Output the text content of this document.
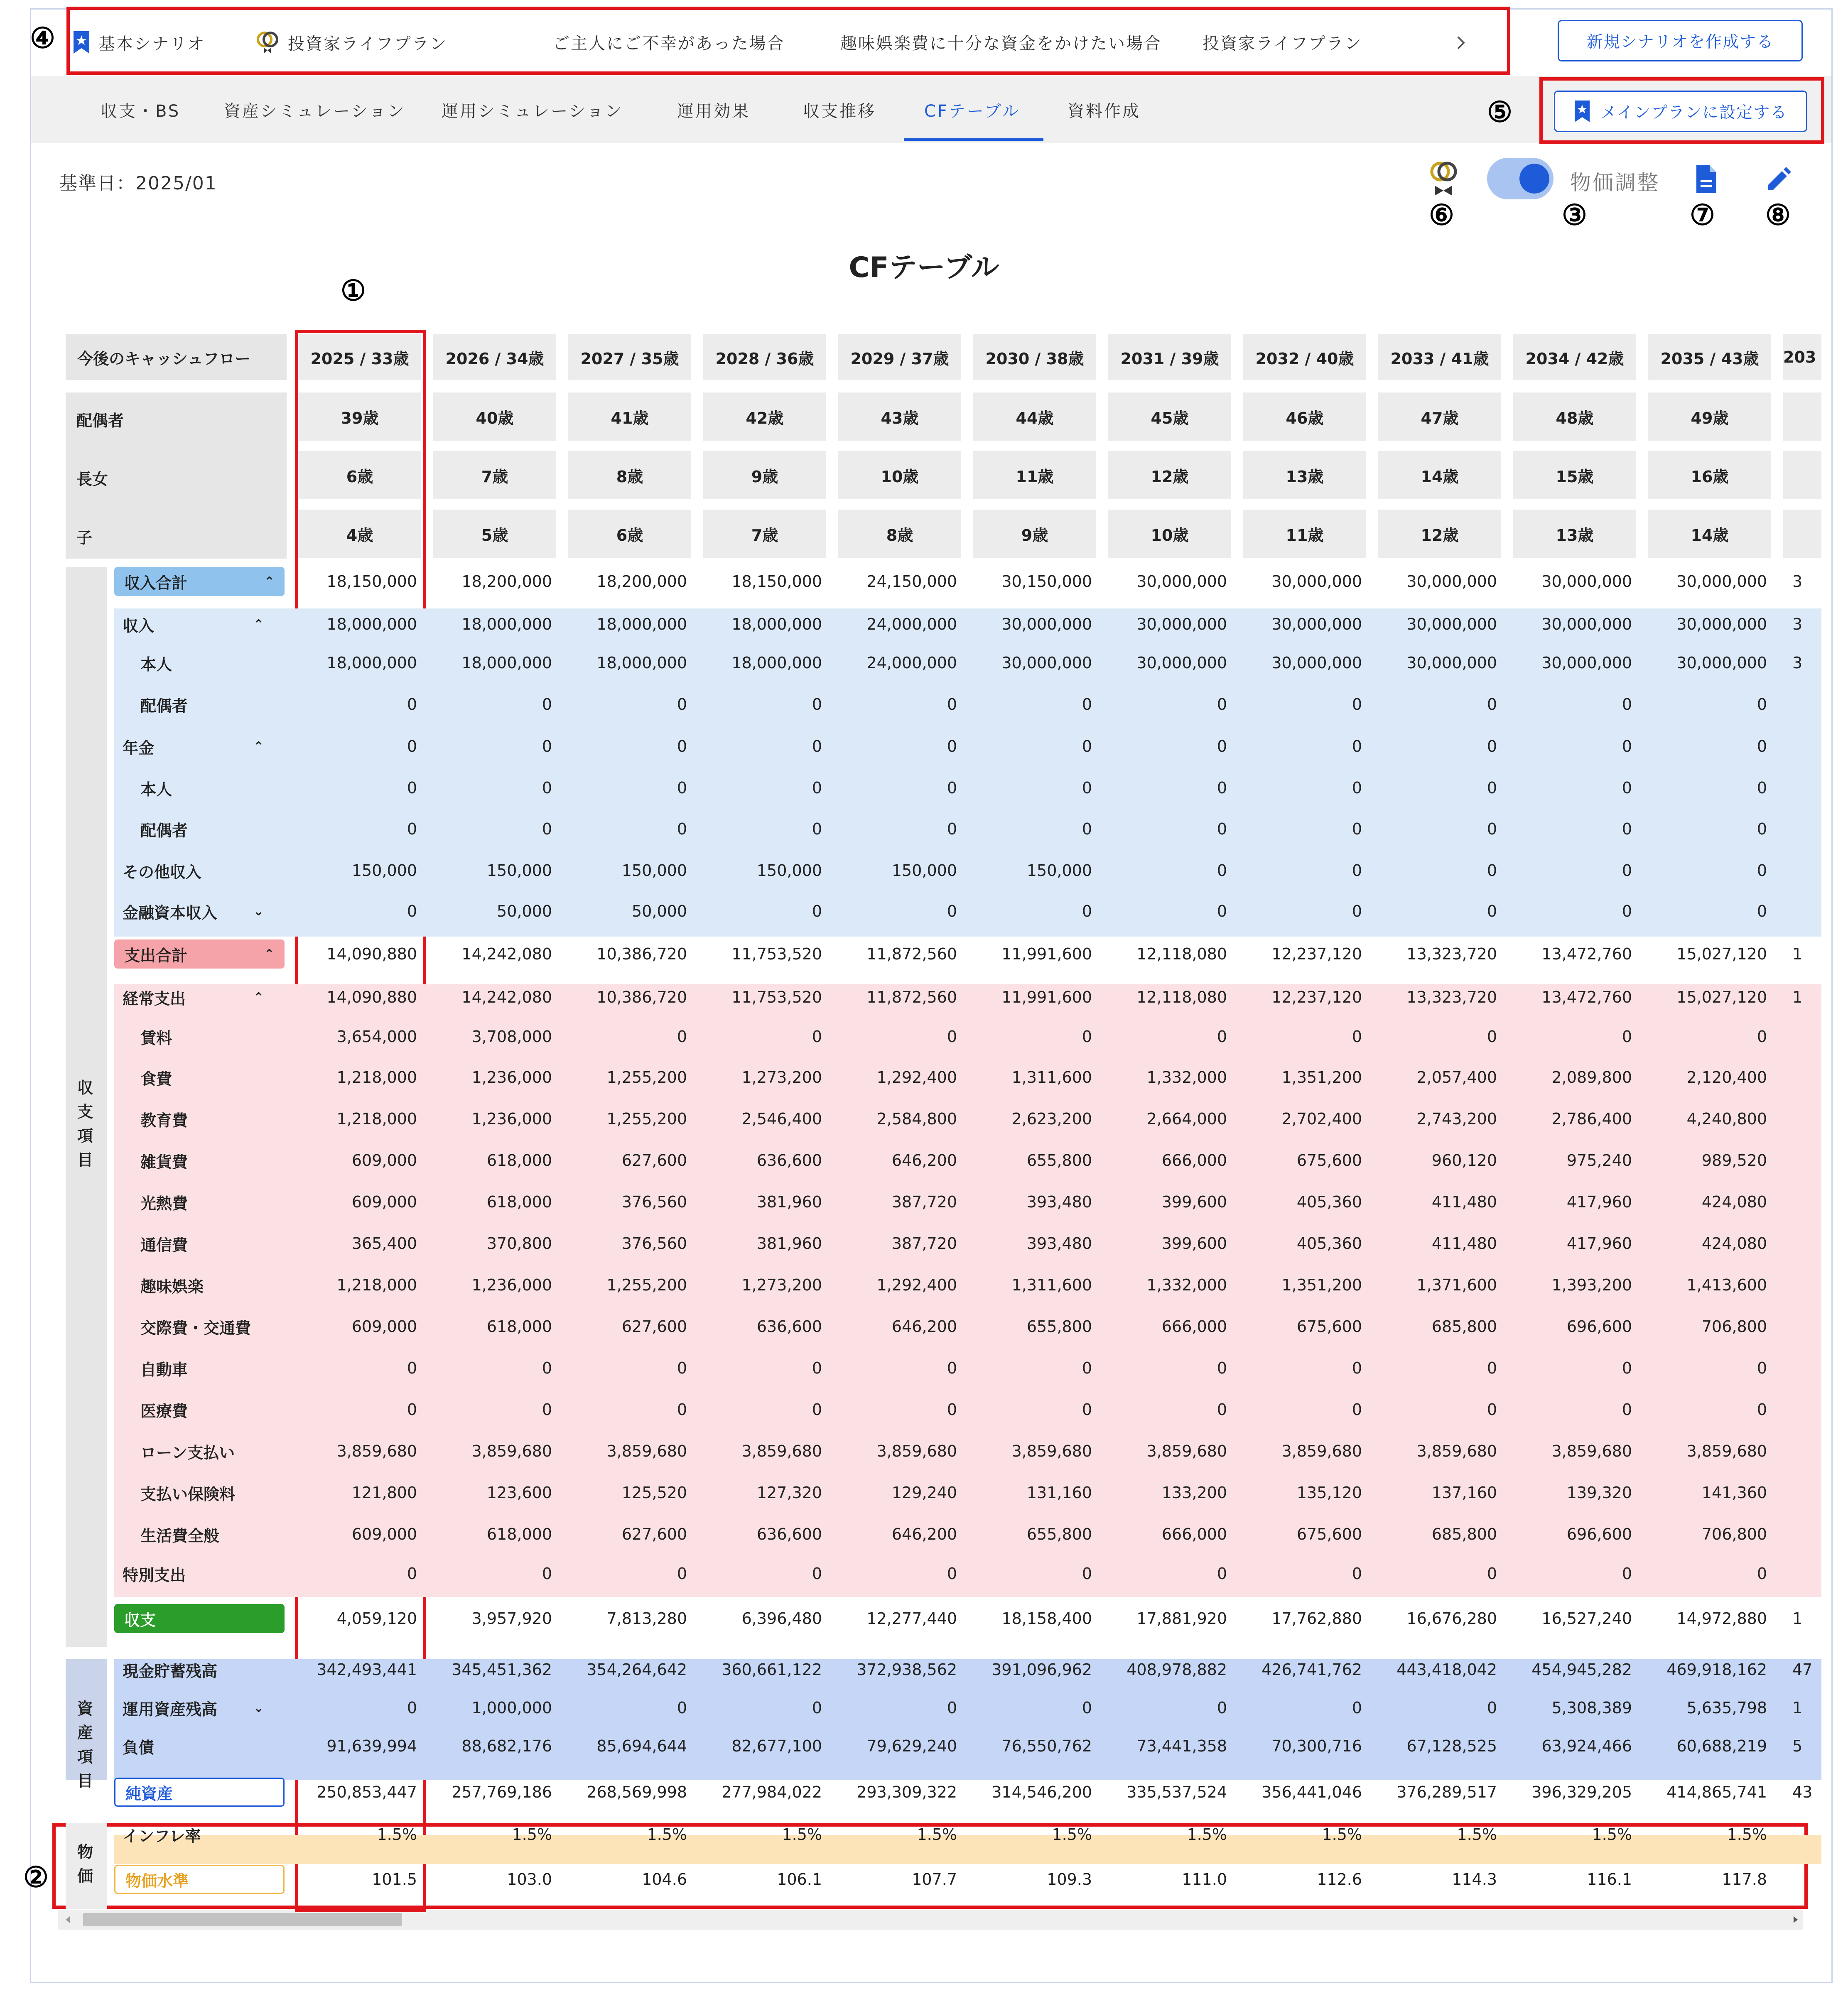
基本シナリオ	投資家ライフプラン	ご主人にご不幸があった場合	趣味娯楽費に十分な資金をかけたい場合 投資家ライフプラン	新規シナリオを作成する
収支・BS	資産シミュレーション 運用シミュレーション	運用効果	収支推移	CFテーブル	資料作成	メインプランに設定する
基準日：2025/01	物価調整
CFテーブル
④
⑤
⑥	③	⑦ ⑧
①
②
今後のキャッシュフロー	2025 / 33歳	2026 / 34歳	2027 / 35歳	2028 / 36歳	2029 / 37歳	2030 / 38歳	2031 / 39歳	2032 / 40歳	2033 / 41歳	2034 / 42歳	2035 / 43歳	203
配偶者	39歳	40歳	41歳	42歳	43歳	44歳	45歳	46歳	47歳	48歳	49歳
長女	6歳	7歳	8歳	9歳	10歳	11歳	12歳	13歳	14歳	15歳	16歳
子	4歳	5歳	6歳	7歳	8歳	9歳	10歳	11歳	12歳	13歳	14歳
収
支
項
目
資
産
項
目
物
価
収入合計	⌃	18,150,000	18,200,000	18,200,000	18,150,000	24,150,000	30,150,000	30,000,000	30,000,000	30,000,000	30,000,000	30,000,000	3
収入	⌃	18,000,000	18,000,000	18,000,000	18,000,000	24,000,000	30,000,000	30,000,000	30,000,000	30,000,000	30,000,000	30,000,000	3
本人	18,000,000	18,000,000	18,000,000	18,000,000	24,000,000	30,000,000	30,000,000	30,000,000	30,000,000	30,000,000	30,000,000	3
配偶者	0	0	0	0	0	0	0	0	0	0	0
年金	⌃	0	0	0	0	0	0	0	0	0	0	0
本人	0	0	0	0	0	0	0	0	0	0	0
配偶者	0	0	0	0	0	0	0	0	0	0	0
その他収入	150,000	150,000	150,000	150,000	150,000	150,000	0	0	0	0	0
金融資本収入	⌄	0	50,000	50,000	0	0	0	0	0	0	0	0
支出合計	⌃	14,090,880	14,242,080	10,386,720	11,753,520	11,872,560	11,991,600	12,118,080	12,237,120	13,323,720	13,472,760	15,027,120	1
経常支出	⌃	14,090,880	14,242,080	10,386,720	11,753,520	11,872,560	11,991,600	12,118,080	12,237,120	13,323,720	13,472,760	15,027,120	1
賃料	3,654,000	3,708,000	0	0	0	0	0	0	0	0	0
食費	1,218,000	1,236,000	1,255,200	1,273,200	1,292,400	1,311,600	1,332,000	1,351,200	2,057,400	2,089,800	2,120,400
教育費	1,218,000	1,236,000	1,255,200	2,546,400	2,584,800	2,623,200	2,664,000	2,702,400	2,743,200	2,786,400	4,240,800
雑貨費	609,000	618,000	627,600	636,600	646,200	655,800	666,000	675,600	960,120	975,240	989,520
光熱費	609,000	618,000	376,560	381,960	387,720	393,480	399,600	405,360	411,480	417,960	424,080
通信費	365,400	370,800	376,560	381,960	387,720	393,480	399,600	405,360	411,480	417,960	424,080
趣味娯楽	1,218,000	1,236,000	1,255,200	1,273,200	1,292,400	1,311,600	1,332,000	1,351,200	1,371,600	1,393,200	1,413,600
交際費・交通費	609,000	618,000	627,600	636,600	646,200	655,800	666,000	675,600	685,800	696,600	706,800
自動車	0	0	0	0	0	0	0	0	0	0	0
医療費	0	0	0	0	0	0	0	0	0	0	0
ローン支払い	3,859,680	3,859,680	3,859,680	3,859,680	3,859,680	3,859,680	3,859,680	3,859,680	3,859,680	3,859,680	3,859,680
支払い保険料	121,800	123,600	125,520	127,320	129,240	131,160	133,200	135,120	137,160	139,320	141,360
生活費全般	609,000	618,000	627,600	636,600	646,200	655,800	666,000	675,600	685,800	696,600	706,800
特別支出	0	0	0	0	0	0	0	0	0	0	0
収支	4,059,120	3,957,920	7,813,280	6,396,480	12,277,440	18,158,400	17,881,920	17,762,880	16,676,280	16,527,240	14,972,880	1
現金貯蓄残高	342,493,441	345,451,362	354,264,642	360,661,122	372,938,562	391,096,962	408,978,882	426,741,762	443,418,042	454,945,282	469,918,162	47
運用資産残高	⌄	0	1,000,000	0	0	0	0	0	0	0	5,308,389	5,635,798	1
負債	91,639,994	88,682,176	85,694,644	82,677,100	79,629,240	76,550,762	73,441,358	70,300,716	67,128,525	63,924,466	60,688,219	5
純資産	250,853,447	257,769,186	268,569,998	277,984,022	293,309,322	314,546,200	335,537,524	356,441,046	376,289,517	396,329,205	414,865,741	43
インフレ率	1.5%	1.5%	1.5%	1.5%	1.5%	1.5%	1.5%	1.5%	1.5%	1.5%	1.5%
物価水準	101.5	103.0	104.6	106.1	107.7	109.3	111.0	112.6	114.3	116.1	117.8
